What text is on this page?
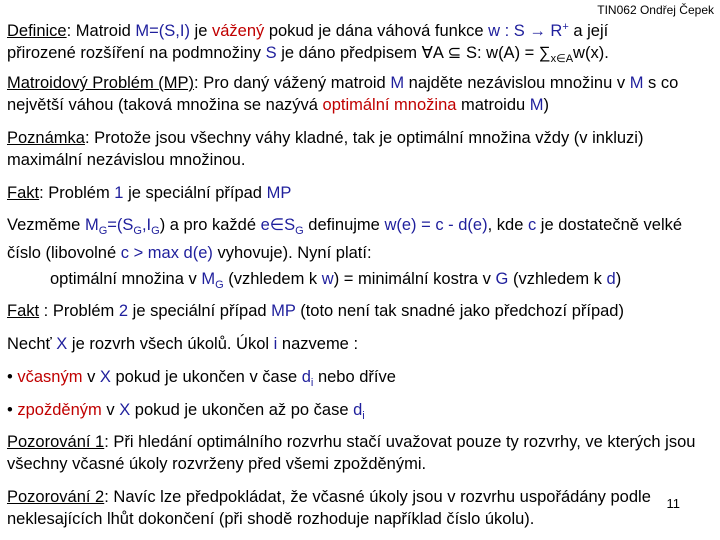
TIN062 Ondřej Čepek
Definice: Matroid M=(S,I) je vážený pokud je dána váhová funkce w : S → R+ a její
přirozené rozšíření na podmnožiny S je dáno předpisem ∀A ⊆ S: $w(A) = \sum_{x\in A}w(x)$.
Matroidový Problém (MP): Pro daný vážený matroid M najděte nezávislou množinu v M s co největší váhou (taková množina se nazývá optimální množina matroidu M)
Poznámka: Protože jsou všechny váhy kladné, tak je optimální množina vždy (v inkluzi) maximální nezávislou množinou.
Fakt: Problém 1 je speciální případ MP
Vezměme $M_G=(S_G,I_G)$ a pro každé $e\in S_G$ definujme w(e) = c - d(e), kde c je dostatečně velké číslo (libovolné c > max d(e) vyhovuje). Nyní platí:
optimální množina v $M_G$ (vzhledem k w) = minimální kostra v G (vzhledem k d)
Fakt : Problém 2 je speciální případ MP (toto není tak snadné jako předchozí případ)
Nechť X je rozvrh všech úkolů. Úkol i nazveme :
• včasným v X pokud je ukončen v čase $d_i$ nebo dříve
• zpožděným v X pokud je ukončen až po čase $d_i$
Pozorování 1: Při hledání optimálního rozvrhu stačí uvažovat pouze ty rozvrhy, ve kterých jsou všechny včasné úkoly rozvrženy před všemi zpožděnými.
Pozorování 2: Navíc lze předpokládat, že včasné úkoly jsou v rozvrhu uspořádány podle neklesajících lhůt dokončení (při shodě rozhoduje například číslo úkolu).
11
